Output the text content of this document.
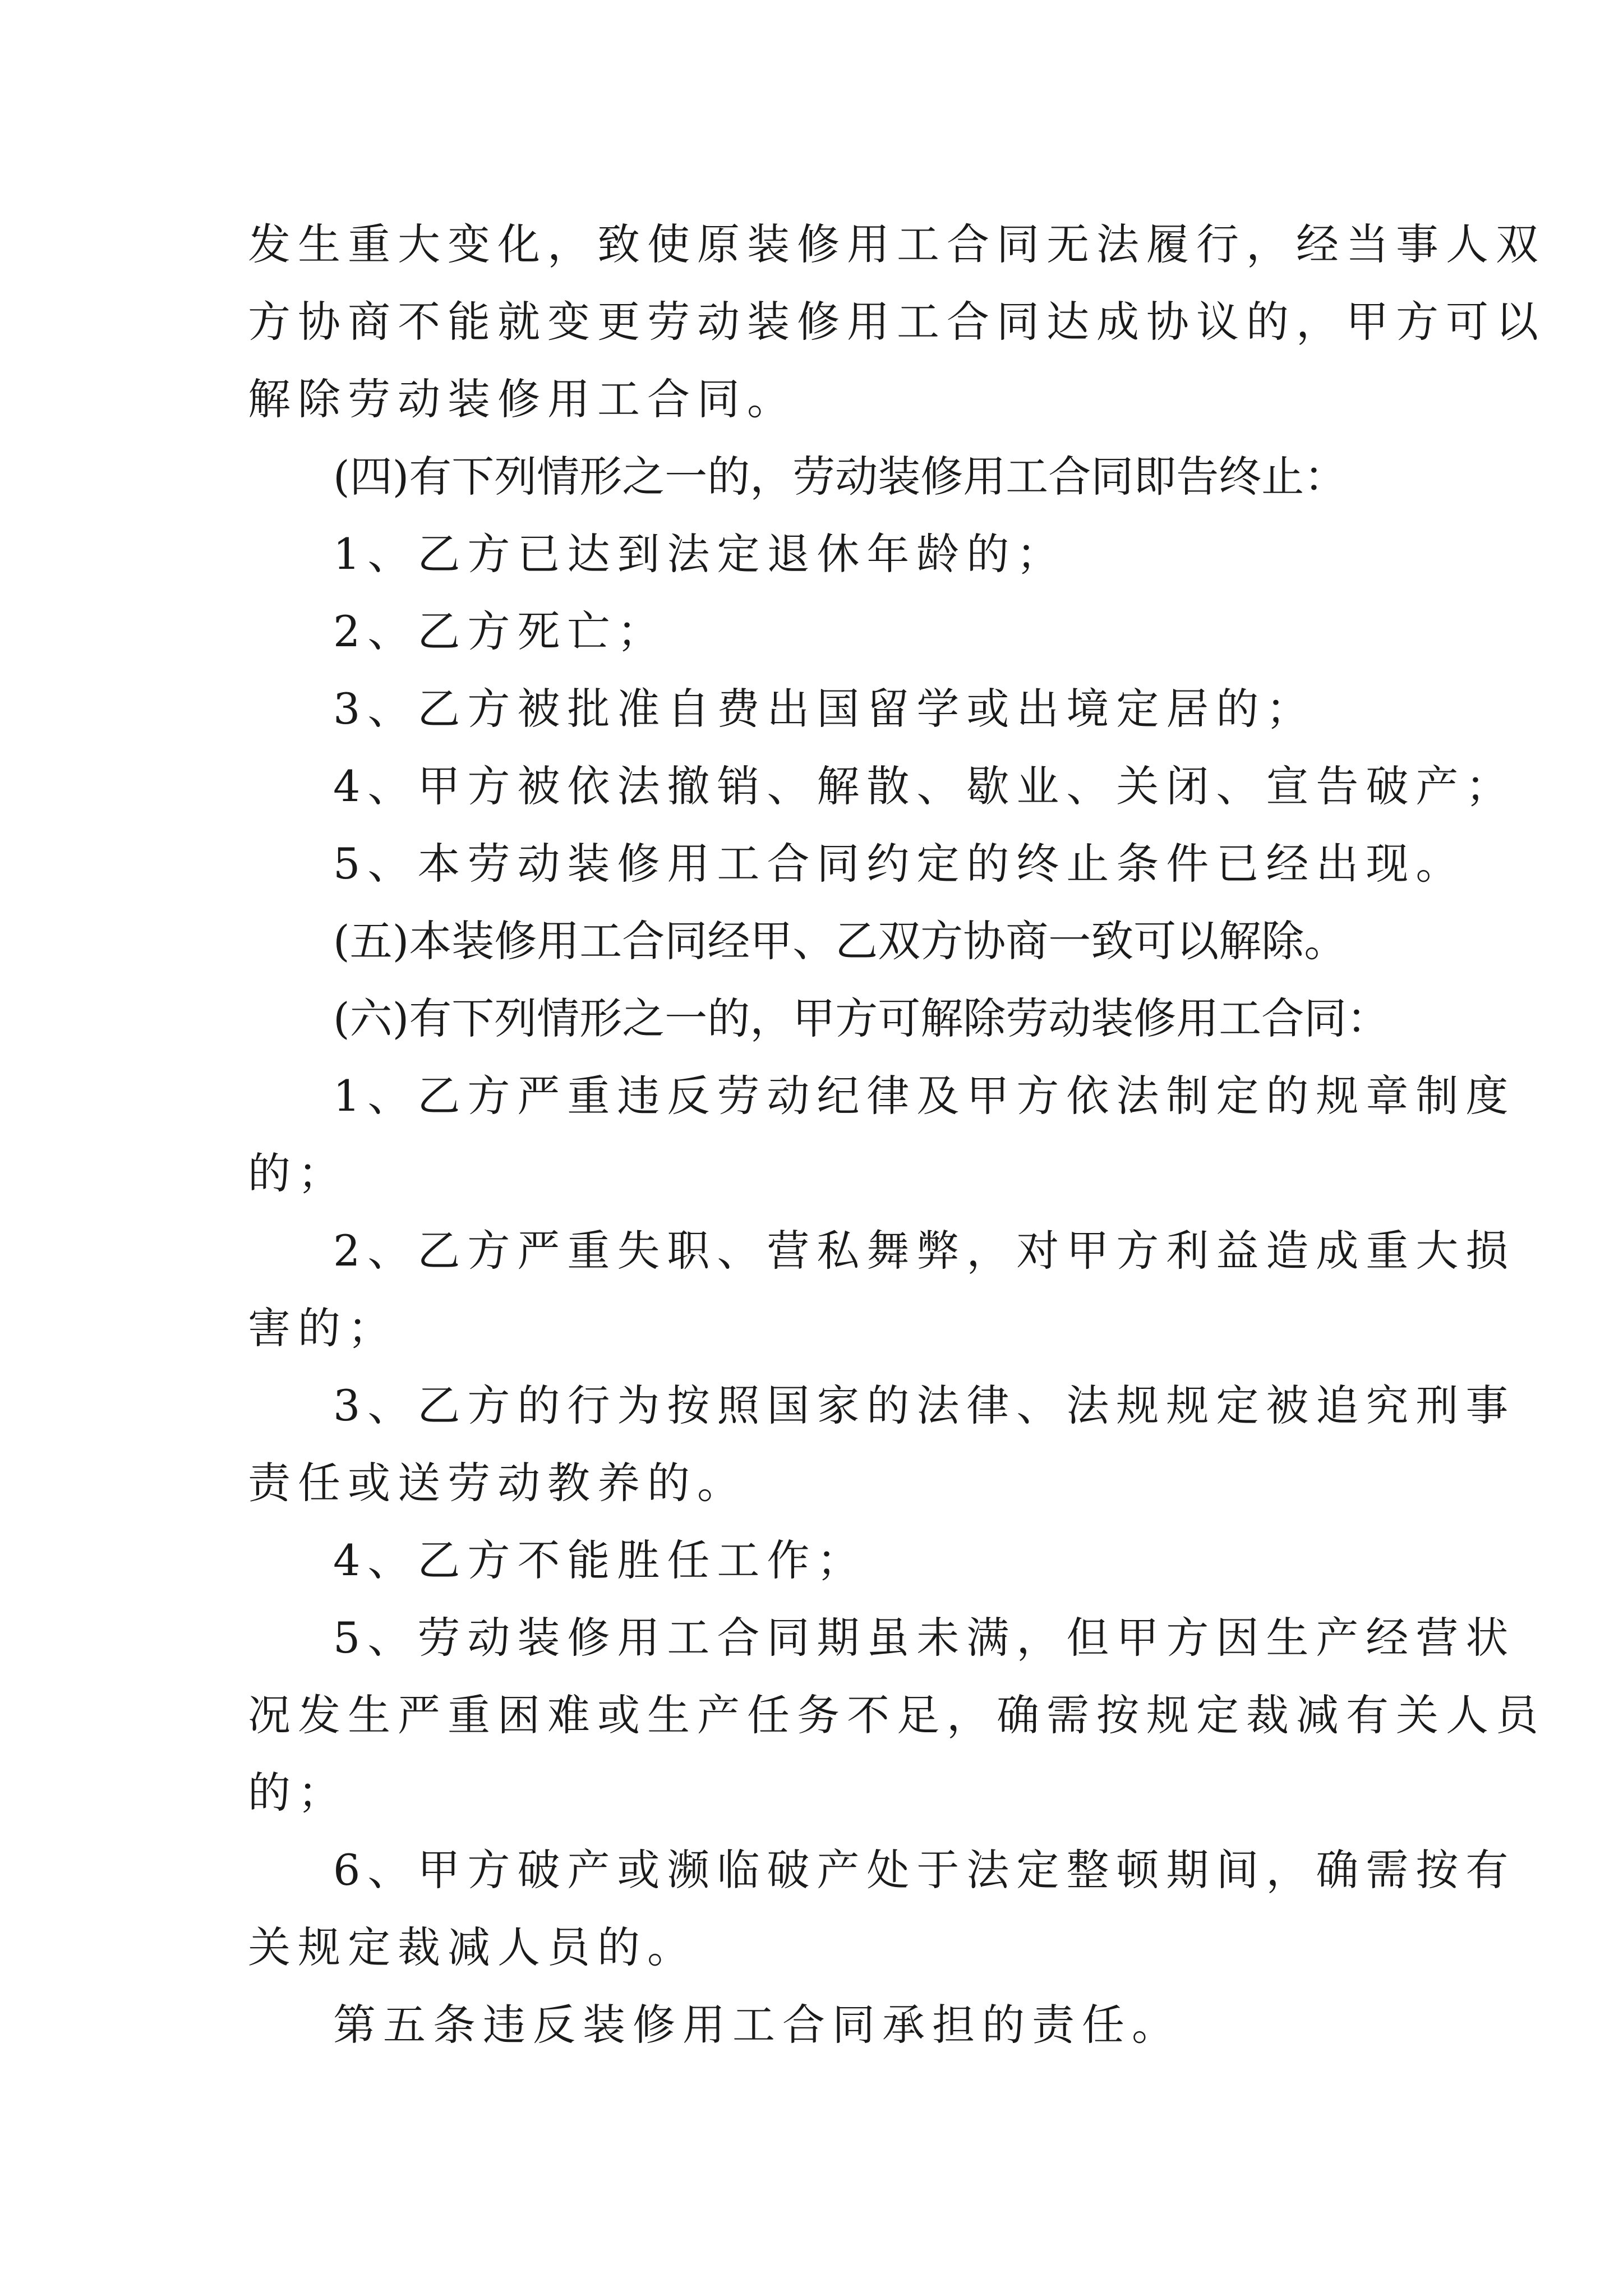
发生重大变化，致使原装修用工合同无法履行，经当事人双

方协商不能就变更劳动装修用工合同达成协议的，甲方可以

解除劳动装修用工合同。

(四)有下列情形之一的，劳动装修用工合同即告终止：

1、乙方已达到法定退休年龄的；

2、乙方死亡；

3、乙方被批准自费出国留学或出境定居的；

4、甲方被依法撤销、解散、歇业、关闭、宣告破产；

5、本劳动装修用工合同约定的终止条件已经出现。

(五)本装修用工合同经甲、乙双方协商一致可以解除。

(六)有下列情形之一的，甲方可解除劳动装修用工合同：

1、乙方严重违反劳动纪律及甲方依法制定的规章制度

的；

2、乙方严重失职、营私舞弊，对甲方利益造成重大损

害的；

3、乙方的行为按照国家的法律、法规规定被追究刑事

责任或送劳动教养的。

4、乙方不能胜任工作；

5、劳动装修用工合同期虽未满，但甲方因生产经营状

况发生严重困难或生产任务不足，确需按规定裁减有关人员

的；

6、甲方破产或濒临破产处于法定整顿期间，确需按有

关规定裁减人员的。

第五条违反装修用工合同承担的责任。
